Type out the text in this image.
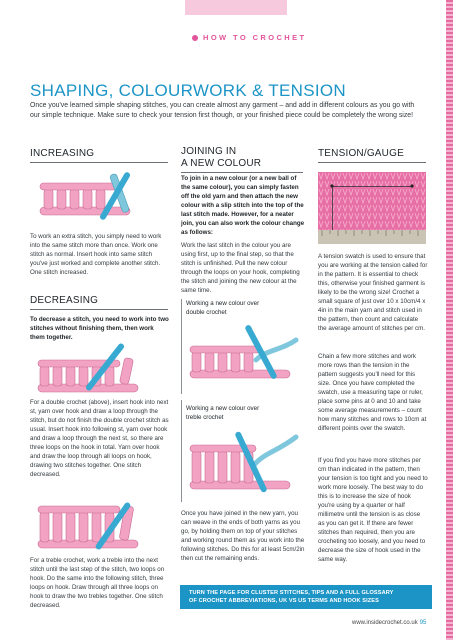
HOW TO CROCHET
SHAPING, COLOURWORK & TENSION
Once you've learned simple shaping stitches, you can create almost any garment – and add in different colours as you go with our simple technique. Make sure to check your tension first though, or your finished piece could be completely the wrong size!
INCREASING

To work an extra stitch, you simply need to work into the same stitch more than once. Work one stitch as normal. Insert hook into same stitch you've just worked and complete another stitch. One stitch increased.

DECREASING

To decrease a stitch, you need to work into two stitches without finishing them, then work them together.

For a double crochet (above), insert hook into next st, yarn over hook and draw a loop through the stitch, but do not finish the double crochet stitch as usual. Insert hook into following st, yarn over hook and draw a loop through the next st, so there are three loops on the hook in total. Yarn over hook and draw the loop through all loops on hook, drawing two stitches together. One stitch decreased.

For a treble crochet, work a treble into the next stitch until the last step of the stitch, two loops on hook. Do the same into the following stitch, three loops on hook. Draw through all three loops on hook to draw the two trebles together. One stitch decreased.

JOINING IN
A NEW COLOUR

To join in a new colour (or a new ball of the same colour), you can simply fasten off the old yarn and then attach the new colour with a slip stitch into the top of the last stitch made. However, for a neater join, you can also work the colour change as follows:

Work the last stitch in the colour you are using first, up to the final step, so that the stitch is unfinished. Pull the new colour through the loops on your hook, completing the stitch and joining the new colour at the same time.

Working a new colour over
double crochet
Working a new colour over
treble crochet

Once you have joined in the new yarn, you can weave in the ends of both yarns as you go, by holding them on top of your stitches and working round them as you work into the following stitches. Do this for at least 5cm/2in then cut the remaining ends.

TENSION/GAUGE

A tension swatch is used to ensure that you are working at the tension called for in the pattern. It is essential to check this, otherwise your finished garment is likely to be the wrong size! Crochet a small square of just over 10 x 10cm/4 x 4in in the main yarn and stitch used in the pattern, then count and calculate the average amount of stitches per cm.

Chain a few more stitches and work more rows than the tension in the pattern suggests you'll need for this size. Once you have completed the swatch, use a measuring tape or ruler, place some pins at 0 and 10 and take some average measurements – count how many stitches and rows to 10cm at different points over the swatch.

If you find you have more stitches per cm than indicated in the pattern, then your tension is too tight and you need to work more loosely. The best way to do this is to increase the size of hook you're using by a quarter or half millimetre until the tension is as close as you can get it. If there are fewer stitches than required, then you are crocheting too loosely, and you need to decrease the size of hook used in the same way.

TURN THE PAGE FOR CLUSTER STITCHES, TIPS AND A FULL GLOSSARY
OF CROCHET ABBREVIATIONS, UK VS US TERMS AND HOOK SIZES
www.insidecrochet.co.uk 95
